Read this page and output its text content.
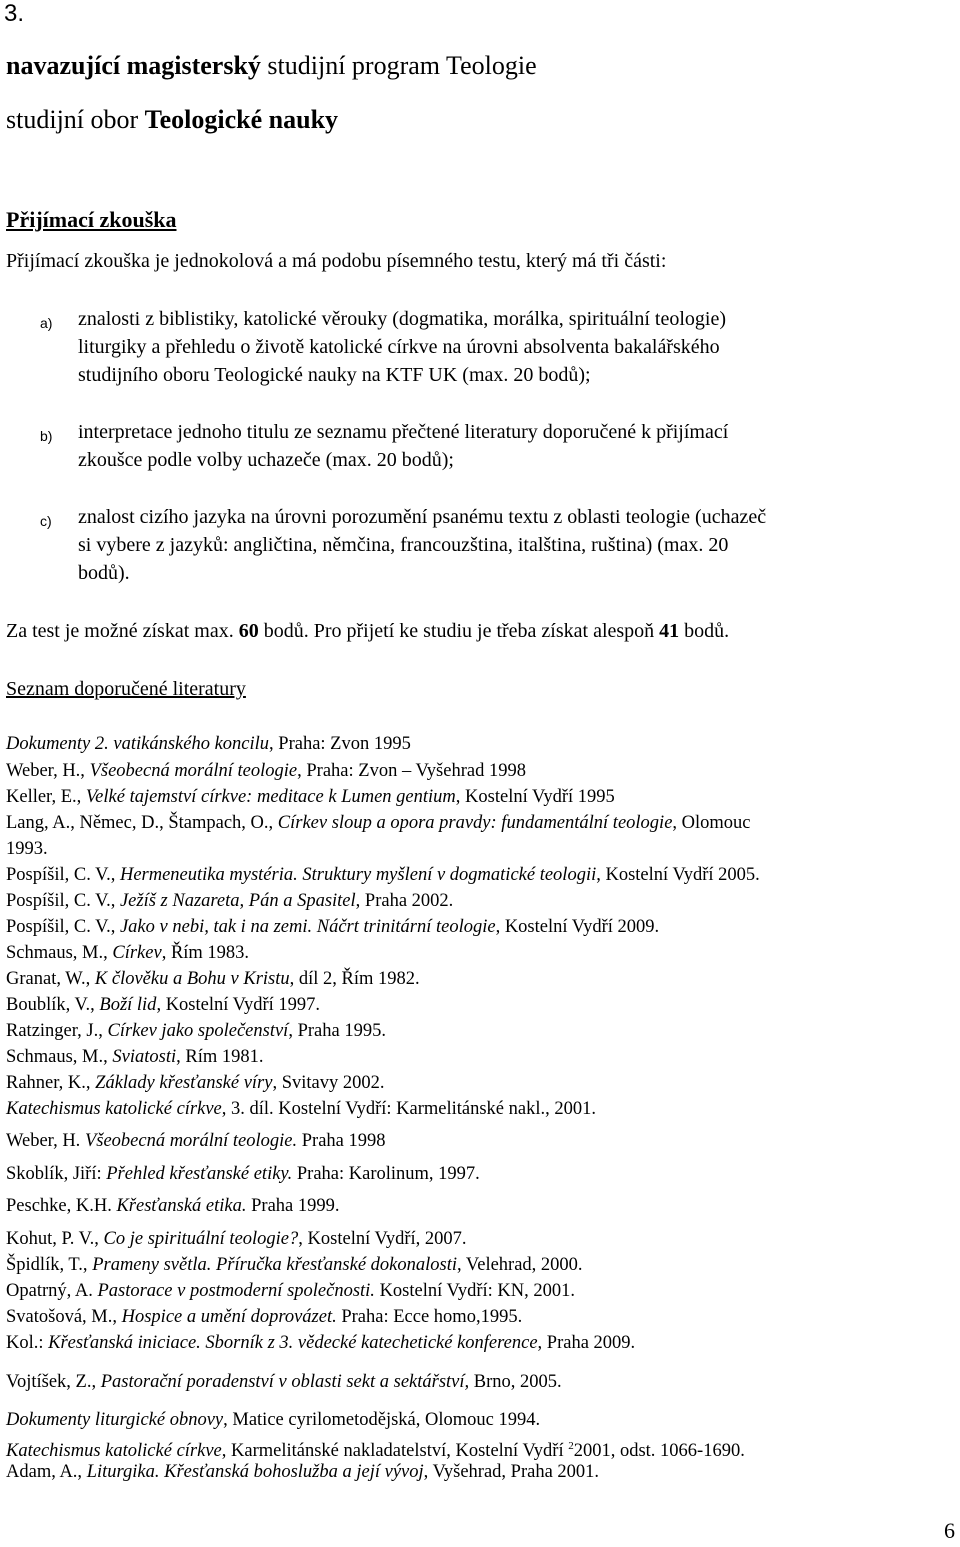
3.
navazující magisterský studijní program Teologie
studijní obor Teologické nauky
Přijímací zkouška
Přijímací zkouška je jednokolová a má podobu písemného testu, který má tři části:
a) znalosti z biblistiky, katolické věrouky (dogmatika, morálka, spirituální teologie)
liturgiky a přehledu o životě katolické církve na úrovni absolventa bakalářského
studijního oboru Teologické nauky na KTF UK (max. 20 bodů);
b) interpretace jednoho titulu ze seznamu přečtené literatury doporučené k přijímací
zkoušce podle volby uchazeče (max. 20 bodů);
c) znalost cizího jazyka na úrovni porozumění psanému textu z oblasti teologie (uchazeč
si vybere z jazyků: angličtina, němčina, francouzština, italština, ruština) (max. 20
bodů).
Za test je možné získat max. 60 bodů. Pro přijetí ke studiu je třeba získat alespoň 41 bodů.
Seznam doporučené literatury
Dokumenty 2. vatikánského koncilu, Praha: Zvon 1995
Weber, H., Všeobecná morální teologie, Praha: Zvon – Vyšehrad 1998
Keller, E., Velké tajemství církve: meditace k Lumen gentium, Kostelní Vydří 1995
Lang, A., Němec, D., Štampach, O., Církev sloup a opora pravdy: fundamentální teologie, Olomouc
1993.
Pospíšil, C. V., Hermeneutika mystéria. Struktury myšlení v dogmatické teologii, Kostelní Vydří 2005.
Pospíšil, C. V., Ježíš z Nazareta, Pán a Spasitel, Praha 2002.
Pospíšil, C. V., Jako v nebi, tak i na zemi. Náčrt trinitární teologie, Kostelní Vydří 2009.
Schmaus, M., Církev, Řím 1983.
Granat, W., K člověku a Bohu v Kristu, díl 2, Řím 1982.
Boublík, V., Boží lid, Kostelní Vydří 1997.
Ratzinger, J., Církev jako společenství, Praha 1995.
Schmaus, M., Sviatosti, Rím 1981.
Rahner, K., Základy křesťanské víry, Svitavy 2002.
Katechismus katolické církve, 3. díl. Kostelní Vydří: Karmelitánské nakl., 2001.
Weber, H. Všeobecná morální teologie. Praha 1998
Skoblík, Jiří: Přehled křesťanské etiky. Praha: Karolinum, 1997.
Peschke, K.H. Křesťanská etika. Praha 1999.
Kohut, P. V., Co je spirituální teologie?, Kostelní Vydří, 2007.
Špidlík, T., Prameny světla. Příručka křesťanské dokonalosti, Velehrad, 2000.
Opatrný, A. Pastorace v postmoderní společnosti. Kostelní Vydří: KN, 2001.
Svatošová, M., Hospice a umění doprovázet. Praha: Ecce homo,1995.
Kol.: Křesťanská iniciace. Sborník z 3. vědecké katechetické konference, Praha 2009.
Vojtíšek, Z., Pastorační poradenství v oblasti sekt a sektářství, Brno, 2005.
Dokumenty liturgické obnovy, Matice cyrilometodějská, Olomouc 1994.
Katechismus katolické církve, Karmelitánské nakladatelství, Kostelní Vydří $^2$2001, odst. 1066-1690.
Adam, A., Liturgika. Křesťanská bohoslužba a její vývoj, Vyšehrad, Praha 2001.
6
